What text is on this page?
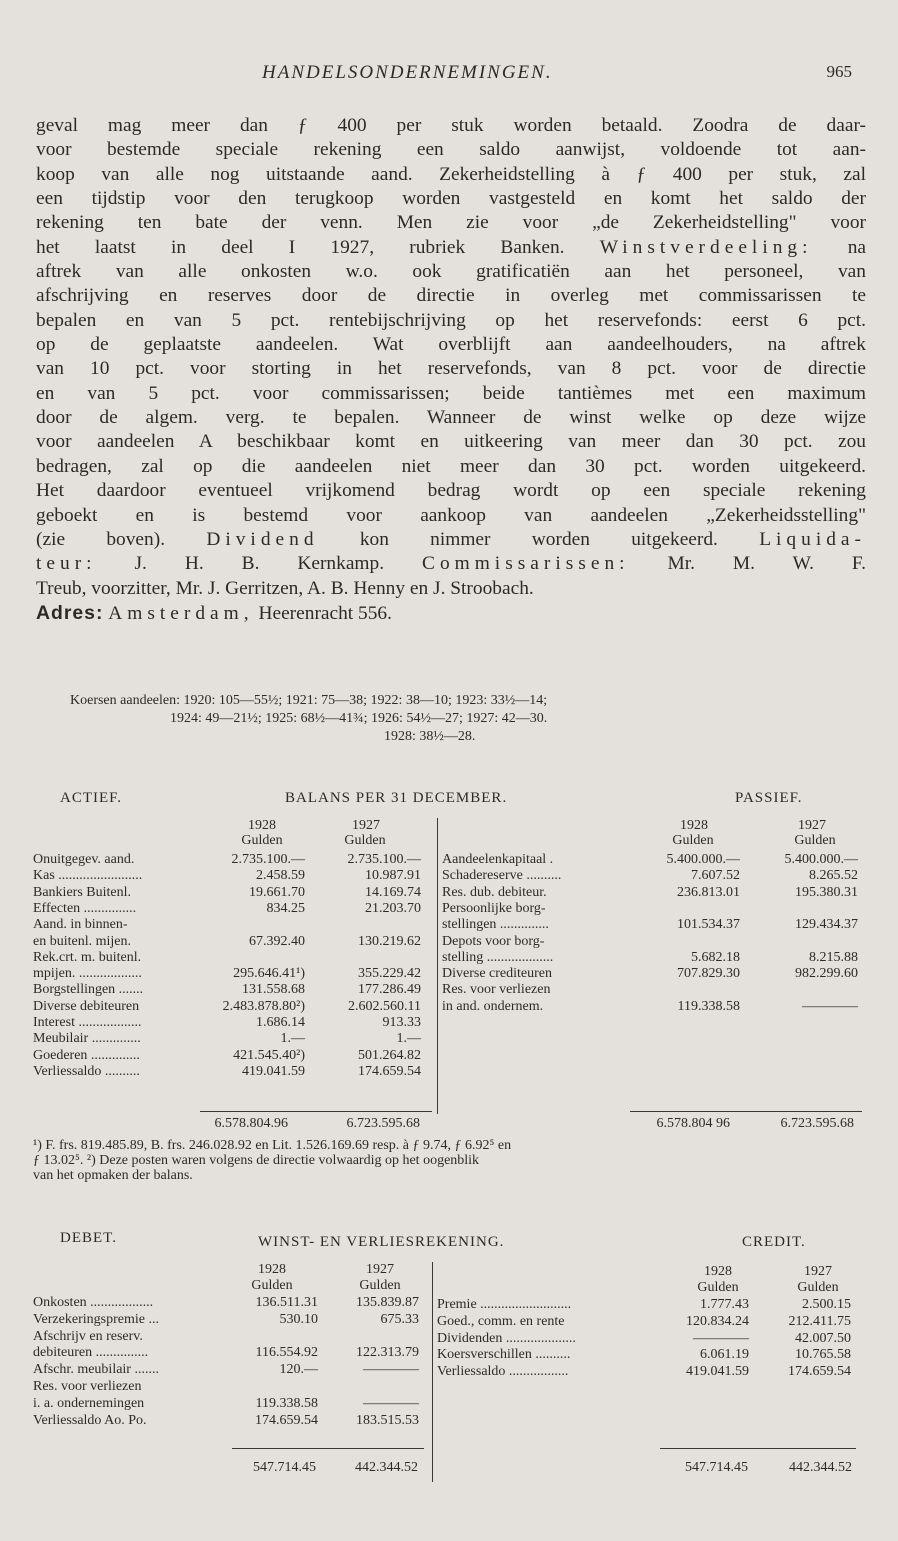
HANDELSONDERNEMINGEN.	965
geval mag meer dan ƒ 400 per stuk worden betaald. Zoodra de daar-
voor bestemde speciale rekening een saldo aanwijst, voldoende tot aan-
koop van alle nog uitstaande aand. Zekerheidstelling à ƒ 400 per stuk, zal
een tijdstip voor den terugkoop worden vastgesteld en komt het saldo der
rekening ten bate der venn. Men zie voor „de Zekerheidstelling" voor
het laatst in deel I 1927, rubriek Banken. Winstverdeeling: na
aftrek van alle onkosten w.o. ook gratificatiën aan het personeel, van
afschrijving en reserves door de directie in overleg met commissarissen te
bepalen en van 5 pct. rentebijschrijving op het reservefonds: eerst 6 pct.
op de geplaatste aandeelen. Wat overblijft aan aandeelhouders, na aftrek
van 10 pct. voor storting in het reservefonds, van 8 pct. voor de directie
en van 5 pct. voor commissarissen; beide tantièmes met een maximum
door de algem. verg. te bepalen. Wanneer de winst welke op deze wijze
voor aandeelen A beschikbaar komt en uitkeering van meer dan 30 pct. zou
bedragen, zal op die aandeelen niet meer dan 30 pct. worden uitgekeerd.
Het daardoor eventueel vrijkomend bedrag wordt op een speciale rekening
geboekt en is bestemd voor aankoop van aandeelen „Zekerheidsstelling"
(zie boven). Dividend kon nimmer worden uitgekeerd. Liquida-
teur: J. H. B. Kernkamp. Commissarissen: Mr. M. W. F.
Treub, voorzitter, Mr. J. Gerritzen, A. B. Henny en J. Stroobach.
Adres: Amsterdam, Heerenracht 556.
Koersen aandeelen: 1920: 105—55½; 1921: 75—38; 1922: 38—10; 1923: 33½—14;
1924: 49—21½; 1925: 68½—41¾; 1926: 54½—27; 1927: 42—30.
1928: 38½—28.
ACTIEF.	BALANS PER 31 DECEMBER.	PASSIEF.
1928	1927
Gulden	Gulden
1928	1927
Gulden	Gulden
Onuitgegev. aand.	2.735.100.—	2.735.100.—
Kas ........................	2.458.59	10.987.91
Bankiers Buitenl.	19.661.70	14.169.74
Effecten ...............	834.25	21.203.70
Aand. in binnen-
en buitenl. mijen.	67.392.40	130.219.62
Rek.crt. m. buitenl.
mpijen. ..................	295.646.41¹)	355.229.42
Borgstellingen .......	131.558.68	177.286.49
Diverse debiteuren	2.483.878.80²)	2.602.560.11
Interest ..................	1.686.14	913.33
Meubilair ..............	1.—	1.—
Goederen ..............	421.545.40²)	501.264.82
Verliessaldo ..........	419.041.59	174.659.54
Aandeelenkapitaal .	5.400.000.—	5.400.000.—
Schadereserve ..........	7.607.52	8.265.52
Res. dub. debiteur.	236.813.01	195.380.31
Persoonlijke borg-
stellingen ..............	101.534.37	129.434.37
Depots voor borg-
stelling ...................	5.682.18	8.215.88
Diverse crediteuren	707.829.30	982.299.60
Res. voor verliezen
in and. ondernem.	119.338.58	————
6.578.804.96	6.723.595.68	6.578.804 96	6.723.595.68
¹) F. frs. 819.485.89, B. frs. 246.028.92 en Lit. 1.526.169.69 resp. à ƒ 9.74, ƒ 6.92⁵ en
ƒ 13.02⁵. ²) Deze posten waren volgens de directie volwaardig op het oogenblik
van het opmaken der balans.
DEBET.	WINST- EN VERLIESREKENING.	CREDIT.
1928	1927
Gulden	Gulden
1928	1927
Gulden	Gulden
Onkosten ..................	136.511.31	135.839.87
Verzekeringspremie ...	530.10	675.33
Afschrijv en reserv.
debiteuren ...............	116.554.92	122.313.79
Afschr. meubilair .......	120.—	————
Res. voor verliezen
i. a. ondernemingen	119.338.58	————
Verliessaldo Ao. Po.	174.659.54	183.515.53
Premie ..........................	1.777.43	2.500.15
Goed., comm. en rente	120.834.24	212.411.75
Dividenden ....................	————	42.007.50
Koersverschillen ..........	6.061.19	10.765.58
Verliessaldo .................	419.041.59	174.659.54
547.714.45	442.344.52	547.714.45	442.344.52
